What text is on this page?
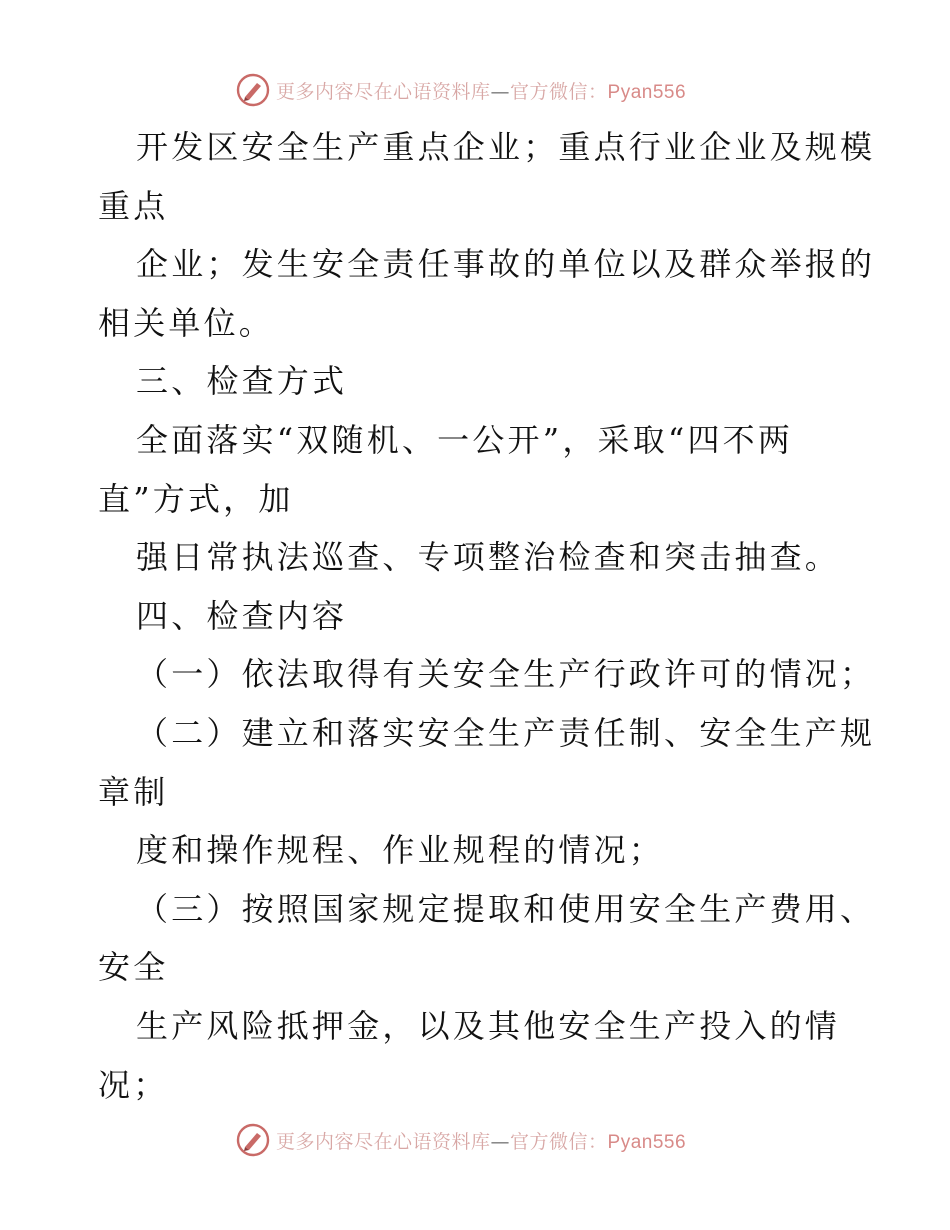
更多内容尽在心语资料库—官方微信：Pyan556
开发区安全生产重点企业；重点行业企业及规模
重点
企业；发生安全责任事故的单位以及群众举报的
相关单位。
三、检查方式
全面落实“双随机、一公开”，采取“四不两
直”方式，加
强日常执法巡查、专项整治检查和突击抽查。
四、检查内容
（一）依法取得有关安全生产行政许可的情况；
（二）建立和落实安全生产责任制、安全生产规
章制
度和操作规程、作业规程的情况；
（三）按照国家规定提取和使用安全生产费用、
安全
生产风险抵押金，以及其他安全生产投入的情
况；
更多内容尽在心语资料库—官方微信：Pyan556
